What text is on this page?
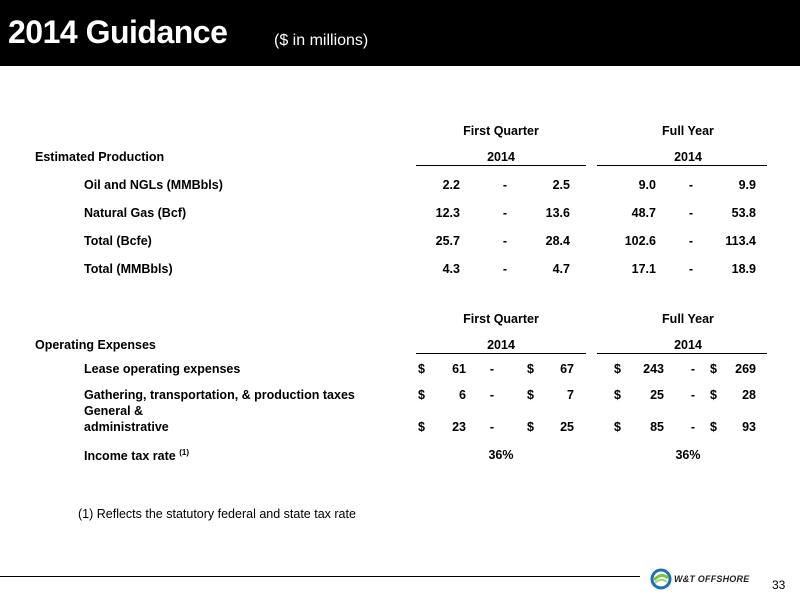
2014 Guidance	($ in millions)
First Quarter	Full Year
Estimated Production	2014	2014
Oil and NGLs (MMBbls)	2.2	-	2.5	9.0	-	9.9
Natural Gas (Bcf)	12.3	-	13.6	48.7	-	53.8
Total (Bcfe)	25.7	-	28.4	102.6	-	113.4
Total (MMBbls)	4.3	-	4.7	17.1	-	18.9
First Quarter	Full Year
Operating Expenses	2014	2014
Lease operating expenses	$	61	-	$	67	$	243	-	$	269
Gathering, transportation, & production taxes	$	6	-	$	7	$	25	-	$	28
General &
administrative	$	23	-	$	25	$	85	-	$	93
Income tax rate $^{(1)}$	36%	36%
(1) Reflects the statutory federal and state tax rate
W&T OFFSHORE 33
